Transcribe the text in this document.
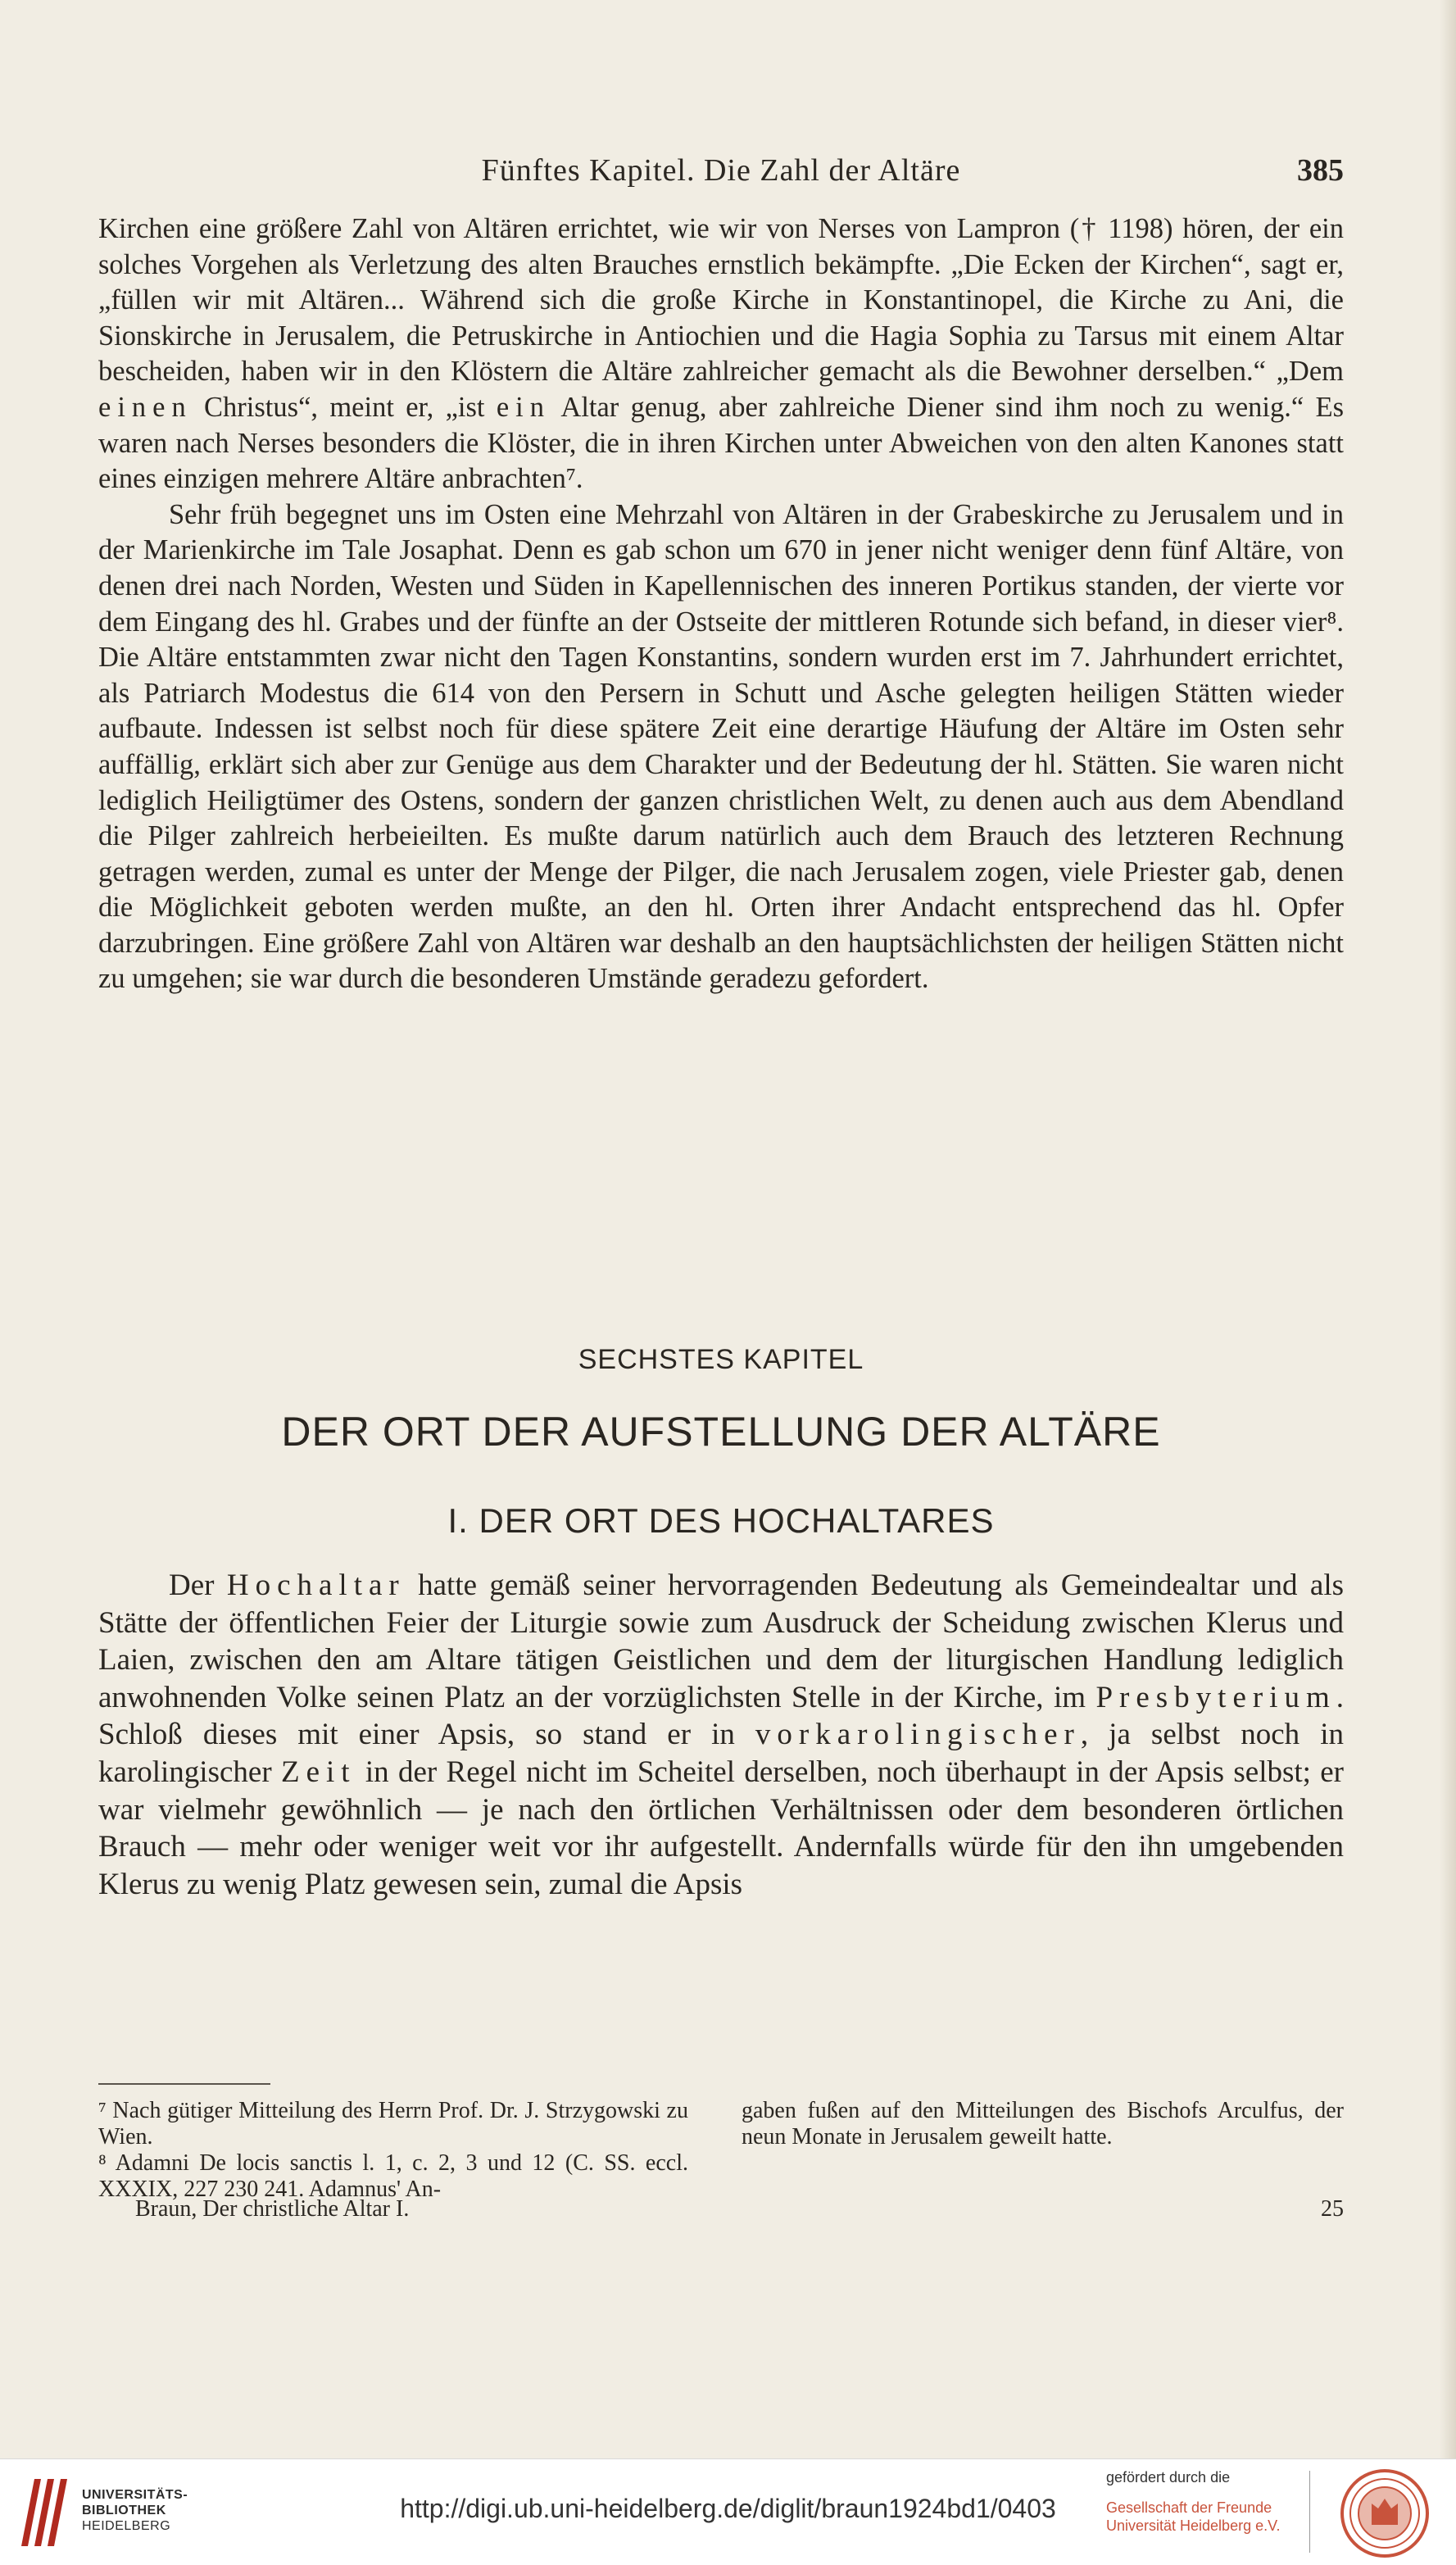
Fünftes Kapitel. Die Zahl der Altäre	385

Kirchen eine größere Zahl von Altären errichtet, wie wir von Nerses von Lampron († 1198) hören, der ein solches Vorgehen als Verletzung des alten Brauches ernstlich bekämpfte. „Die Ecken der Kirchen“, sagt er, „füllen wir mit Altären... Während sich die große Kirche in Konstantinopel, die Kirche zu Ani, die Sionskirche in Jerusalem, die Petruskirche in Antiochien und die Hagia Sophia zu Tarsus mit einem Altar bescheiden, haben wir in den Klöstern die Altäre zahlreicher gemacht als die Bewohner derselben.“ „Dem einen Christus“, meint er, „ist ein Altar genug, aber zahlreiche Diener sind ihm noch zu wenig.“ Es waren nach Nerses besonders die Klöster, die in ihren Kirchen unter Abweichen von den alten Kanones statt eines einzigen mehrere Altäre anbrachten⁷.

Sehr früh begegnet uns im Osten eine Mehrzahl von Altären in der Grabeskirche zu Jerusalem und in der Marienkirche im Tale Josaphat. Denn es gab schon um 670 in jener nicht weniger denn fünf Altäre, von denen drei nach Norden, Westen und Süden in Kapellennischen des inneren Portikus standen, der vierte vor dem Eingang des hl. Grabes und der fünfte an der Ostseite der mittleren Rotunde sich befand, in dieser vier⁸. Die Altäre entstammten zwar nicht den Tagen Konstantins, sondern wurden erst im 7. Jahrhundert errichtet, als Patriarch Modestus die 614 von den Persern in Schutt und Asche gelegten heiligen Stätten wieder aufbaute. Indessen ist selbst noch für diese spätere Zeit eine derartige Häufung der Altäre im Osten sehr auffällig, erklärt sich aber zur Genüge aus dem Charakter und der Bedeutung der hl. Stätten. Sie waren nicht lediglich Heiligtümer des Ostens, sondern der ganzen christlichen Welt, zu denen auch aus dem Abendland die Pilger zahlreich herbeieilten. Es mußte darum natürlich auch dem Brauch des letzteren Rechnung getragen werden, zumal es unter der Menge der Pilger, die nach Jerusalem zogen, viele Priester gab, denen die Möglichkeit geboten werden mußte, an den hl. Orten ihrer Andacht entsprechend das hl. Opfer darzubringen. Eine größere Zahl von Altären war deshalb an den hauptsächlichsten der heiligen Stätten nicht zu umgehen; sie war durch die besonderen Umstände geradezu gefordert.

SECHSTES KAPITEL
DER ORT DER AUFSTELLUNG DER ALTÄRE
I. DER ORT DES HOCHALTARES

Der Hochaltar hatte gemäß seiner hervorragenden Bedeutung als Gemeindealtar und als Stätte der öffentlichen Feier der Liturgie sowie zum Ausdruck der Scheidung zwischen Klerus und Laien, zwischen den am Altare tätigen Geistlichen und dem der liturgischen Handlung lediglich anwohnenden Volke seinen Platz an der vorzüglichsten Stelle in der Kirche, im Presbyterium. Schloß dieses mit einer Apsis, so stand er in vorkarolingischer, ja selbst noch in karolingischer Zeit in der Regel nicht im Scheitel derselben, noch überhaupt in der Apsis selbst; er war vielmehr gewöhnlich — je nach den örtlichen Verhältnissen oder dem besonderen örtlichen Brauch — mehr oder weniger weit vor ihr aufgestellt. Andernfalls würde für den ihn umgebenden Klerus zu wenig Platz gewesen sein, zumal die Apsis

⁷ Nach gütiger Mitteilung des Herrn Prof. Dr. J. Strzygowski zu Wien.

⁸ Adamni De locis sanctis l. 1, c. 2, 3 und 12 (C. SS. eccl. XXXIX, 227 230 241. Adamnus' An-

gaben fußen auf den Mitteilungen des Bischofs Arculfus, der neun Monate in Jerusalem geweilt hatte.

Braun, Der christliche Altar I.	25
UNIVERSITÄTS-
BIBLIOTHEK
HEIDELBERG
http://digi.ub.uni-heidelberg.de/diglit/braun1924bd1/0403
gefördert durch die
Gesellschaft der Freunde
Universität Heidelberg e.V.
